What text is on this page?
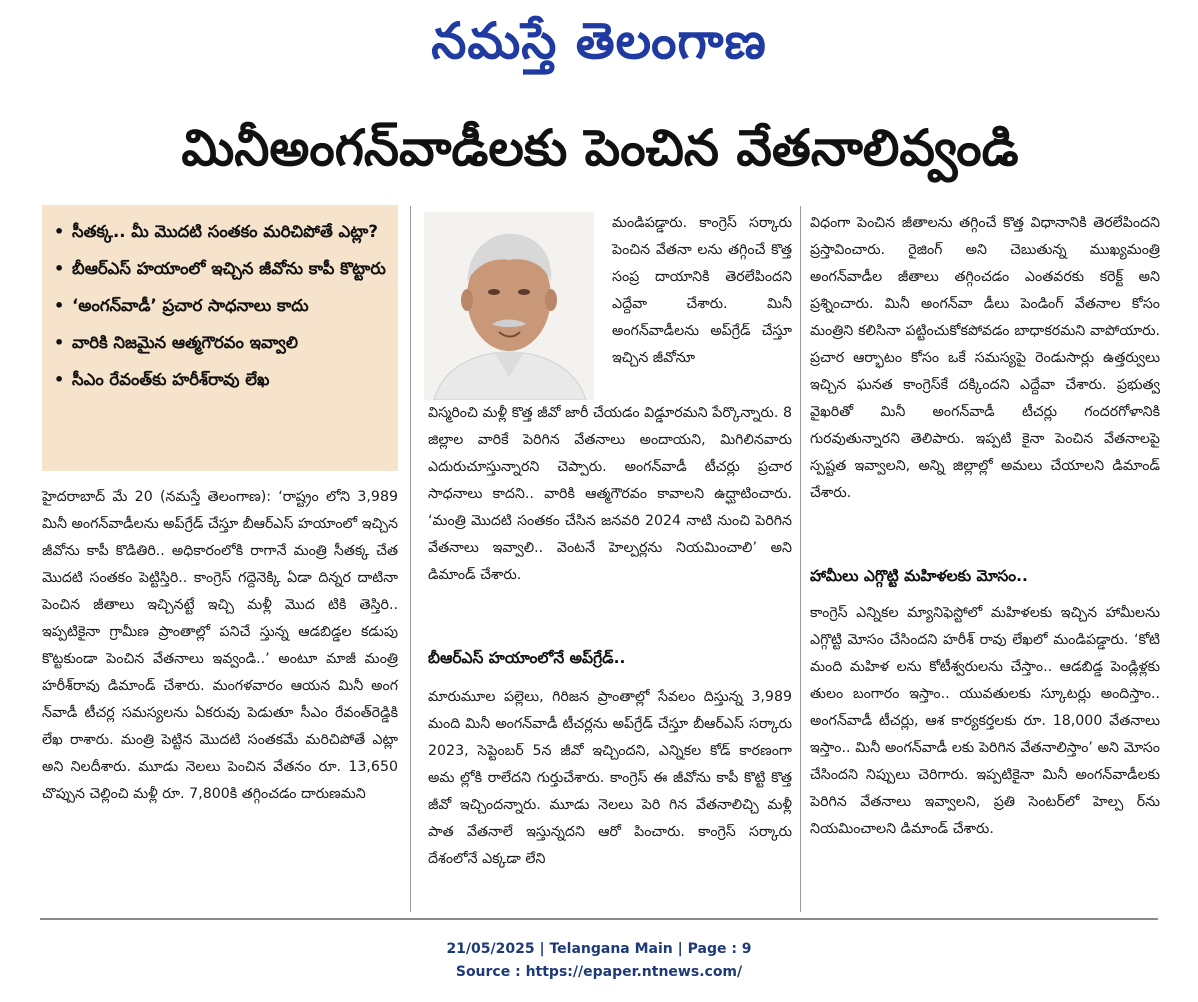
నమస్తే తెలంగాణ
మినీఅంగన్‌వాడీలకు పెంచిన వేతనాలివ్వండి
• సీతక్క.. మీ మొదటి సంతకం మరిచిపోతే ఎట్లా?
• బీఆర్‌ఎస్ హయాంలో ఇచ్చిన జీవోను కాపీ కొట్టారు
• ‘అంగన్‌వాడీ’ ప్రచార సాధనాలు కాదు
• వారికి నిజమైన ఆత్మగౌరవం ఇవ్వాలి
• సీఎం రేవంత్‌కు హరీశ్‌రావు లేఖ
హైదరాబాద్ మే 20 (నమస్తే తెలంగాణ): ‘రాష్ట్రం లోని 3,989 మినీ అంగన్‌వాడీలను అప్‌గ్రేడ్ చేస్తూ బీఆర్‌ఎస్ హయాంలో ఇచ్చిన జీవోను కాపీ కొడితిరి.. అధికారంలోకి రాగానే మంత్రి సీతక్క చేత మొదటి సంతకం పెట్టిస్తిరి.. కాంగ్రెస్ గద్దెనెక్కి ఏడా దిన్నర దాటినా పెంచిన జీతాలు ఇచ్చినట్టే ఇచ్చి మళ్లీ మొద టికి తెస్తిరి.. ఇప్పటికైనా గ్రామీణ ప్రాంతాల్లో పనిచే స్తున్న ఆడబిడ్డల కడుపు కొట్టకుండా పెంచిన వేతనాలు ఇవ్వండి..’ అంటూ మాజీ మంత్రి హరీశ్‌రావు డిమాండ్ చేశారు. మంగళవారం ఆయన మినీ అంగ న్‌వాడీ టీచర్ల సమస్యలను ఏకరువు పెడుతూ సీఎం రేవంత్‌రెడ్డికి లేఖ రాశారు. మంత్రి పెట్టిన మొదటి సంతకమే మరిచిపోతే ఎట్లా అని నిలదీశారు. మూడు నెలలు పెంచిన వేతనం రూ. 13,650 చొప్పున చెల్లించి మళ్లీ రూ. 7,800కి తగ్గించడం దారుణమని
మండిపడ్డారు. కాంగ్రెస్ సర్కారు పెంచిన వేతనా లను తగ్గించే కొత్త సంప్ర దాయానికి తెరలేపిందని ఎద్దేవా చేశారు. మినీ అంగన్‌వాడీలను అప్‌గ్రేడ్ చేస్తూ ఇచ్చిన జీవోనూ
విస్మరించి మళ్లీ కొత్త జీవో జారీ చేయడం విడ్డూరమని పేర్కొన్నారు. 8 జిల్లాల వారికే పెరిగిన వేతనాలు అందాయని, మిగిలినవారు ఎదురుచూస్తున్నారని చెప్పారు. అంగన్‌వాడీ టీచర్లు ప్రచార సాధనాలు కాదని.. వారికి ఆత్మగౌరవం కావాలని ఉద్ఘాటించారు. ‘మంత్రి మొదటి సంతకం చేసిన జనవరి 2024 నాటి నుంచి పెరిగిన వేతనాలు ఇవ్వాలి.. వెంటనే హెల్పర్లను నియమించాలి’ అని డిమాండ్ చేశారు.
బీఆర్‌ఎస్ హయాంలోనే అప్‌గ్రేడ్..
మారుమూల పల్లెలు, గిరిజన ప్రాంతాల్లో సేవలం దిస్తున్న 3,989 మంది మినీ అంగన్‌వాడీ టీచర్లను అప్‌గ్రేడ్ చేస్తూ బీఆర్‌ఎస్ సర్కారు 2023, సెప్టెంబర్ 5న జీవో ఇచ్చిందని, ఎన్నికల కోడ్ కారణంగా అమ ల్లోకి రాలేదని గుర్తుచేశారు. కాంగ్రెస్ ఈ జీవోను కాపీ కొట్టి కొత్త జీవో ఇచ్చిందన్నారు. మూడు నెలలు పెరి గిన వేతనాలిచ్చి మళ్లీ పాత వేతనాలే ఇస్తున్నదని ఆరో పించారు. కాంగ్రెస్ సర్కారు దేశంలోనే ఎక్కడా లేని
విధంగా పెంచిన జీతాలను తగ్గించే కొత్త విధానానికి తెరలేపిందని ప్రస్తావించారు. రైజింగ్ అని చెబుతున్న ముఖ్యమంత్రి అంగన్‌వాడీల జీతాలు తగ్గించడం ఎంతవరకు కరెక్ట్ అని ప్రశ్నించారు. మినీ అంగన్‌వా డీలు పెండింగ్ వేతనాల కోసం మంత్రిని కలిసినా పట్టించుకోకపోవడం బాధాకరమని వాపోయారు. ప్రచార ఆర్భాటం కోసం ఒకే సమస్యపై రెండుసార్లు ఉత్తర్వులు ఇచ్చిన ఘనత కాంగ్రెస్‌కే దక్కిందని ఎద్దేవా చేశారు. ప్రభుత్వ వైఖరితో మినీ అంగన్‌వాడీ టీచర్లు గందరగోళానికి గురవుతున్నారని తెలిపారు. ఇప్పటి కైనా పెంచిన వేతనాలపై స్పష్టత ఇవ్వాలని, అన్ని జిల్లాల్లో అమలు చేయాలని డిమాండ్ చేశారు.
హామీలు ఎగ్గొట్టి మహిళలకు మోసం..
కాంగ్రెస్ ఎన్నికల మ్యానిఫెస్టోలో మహిళలకు ఇచ్చిన హామీలను ఎగ్గొట్టి మోసం చేసిందని హరీశ్ రావు లేఖలో మండిపడ్డారు. ‘కోటి మంది మహిళ లను కోటీశ్వరులను చేస్తాం.. ఆడబిడ్డ పెండ్లిళ్లకు తులం బంగారం ఇస్తాం.. యువతులకు స్కూటర్లు అందిస్తాం.. అంగన్‌వాడీ టీచర్లు, ఆశ కార్యకర్తలకు రూ. 18,000 వేతనాలు ఇస్తాం.. మినీ అంగన్‌వాడీ లకు పెరిగిన వేతనాలిస్తాం’ అని మోసం చేసిందని నిప్పులు చెరిగారు. ఇప్పటికైనా మినీ అంగన్‌వాడీలకు పెరిగిన వేతనాలు ఇవ్వాలని, ప్రతి సెంటర్‌లో హెల్ప ర్‌ను నియమించాలని డిమాండ్ చేశారు.
21/05/2025 | Telangana Main | Page : 9
Source : https://epaper.ntnews.com/
